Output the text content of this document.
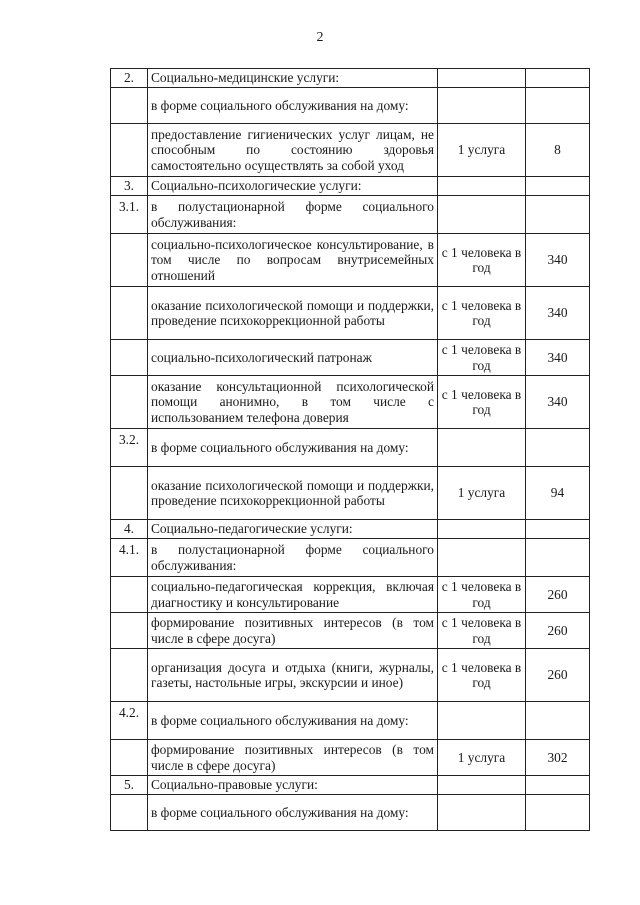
2
2.	Социально-медицинские услуги:		
	в форме социального обслуживания на дому:		
	предоставление гигиенических услуг лицам, не способным по состоянию здоровья самостоятельно осуществлять за собой уход	1 услуга	8
3.	Социально-психологические услуги:		
3.1.	в полустационарной форме социального обслуживания:		
	социально-психологическое консультирование, в том числе по вопросам внутрисемейных отношений	с 1 человека в год	340
	оказание психологической помощи и поддержки, проведение психокоррекционной работы	с 1 человека в год	340
	социально-психологический патронаж	с 1 человека в год	340
	оказание консультационной психологической помощи анонимно, в том числе с использованием телефона доверия	с 1 человека в год	340
3.2.	в форме социального обслуживания на дому:		
	оказание психологической помощи и поддержки, проведение психокоррекционной работы	1 услуга	94
4.	Социально-педагогические услуги:		
4.1.	в полустационарной форме социального обслуживания:		
	социально-педагогическая коррекция, включая диагностику и консультирование	с 1 человека в год	260
	формирование позитивных интересов (в том числе в сфере досуга)	с 1 человека в год	260
	организация досуга и отдыха (книги, журналы, газеты, настольные игры, экскурсии и иное)	с 1 человека в год	260
4.2.	в форме социального обслуживания на дому:		
	формирование позитивных интересов (в том числе в сфере досуга)	1 услуга	302
5.	Социально-правовые услуги:		
	в форме социального обслуживания на дому:		
